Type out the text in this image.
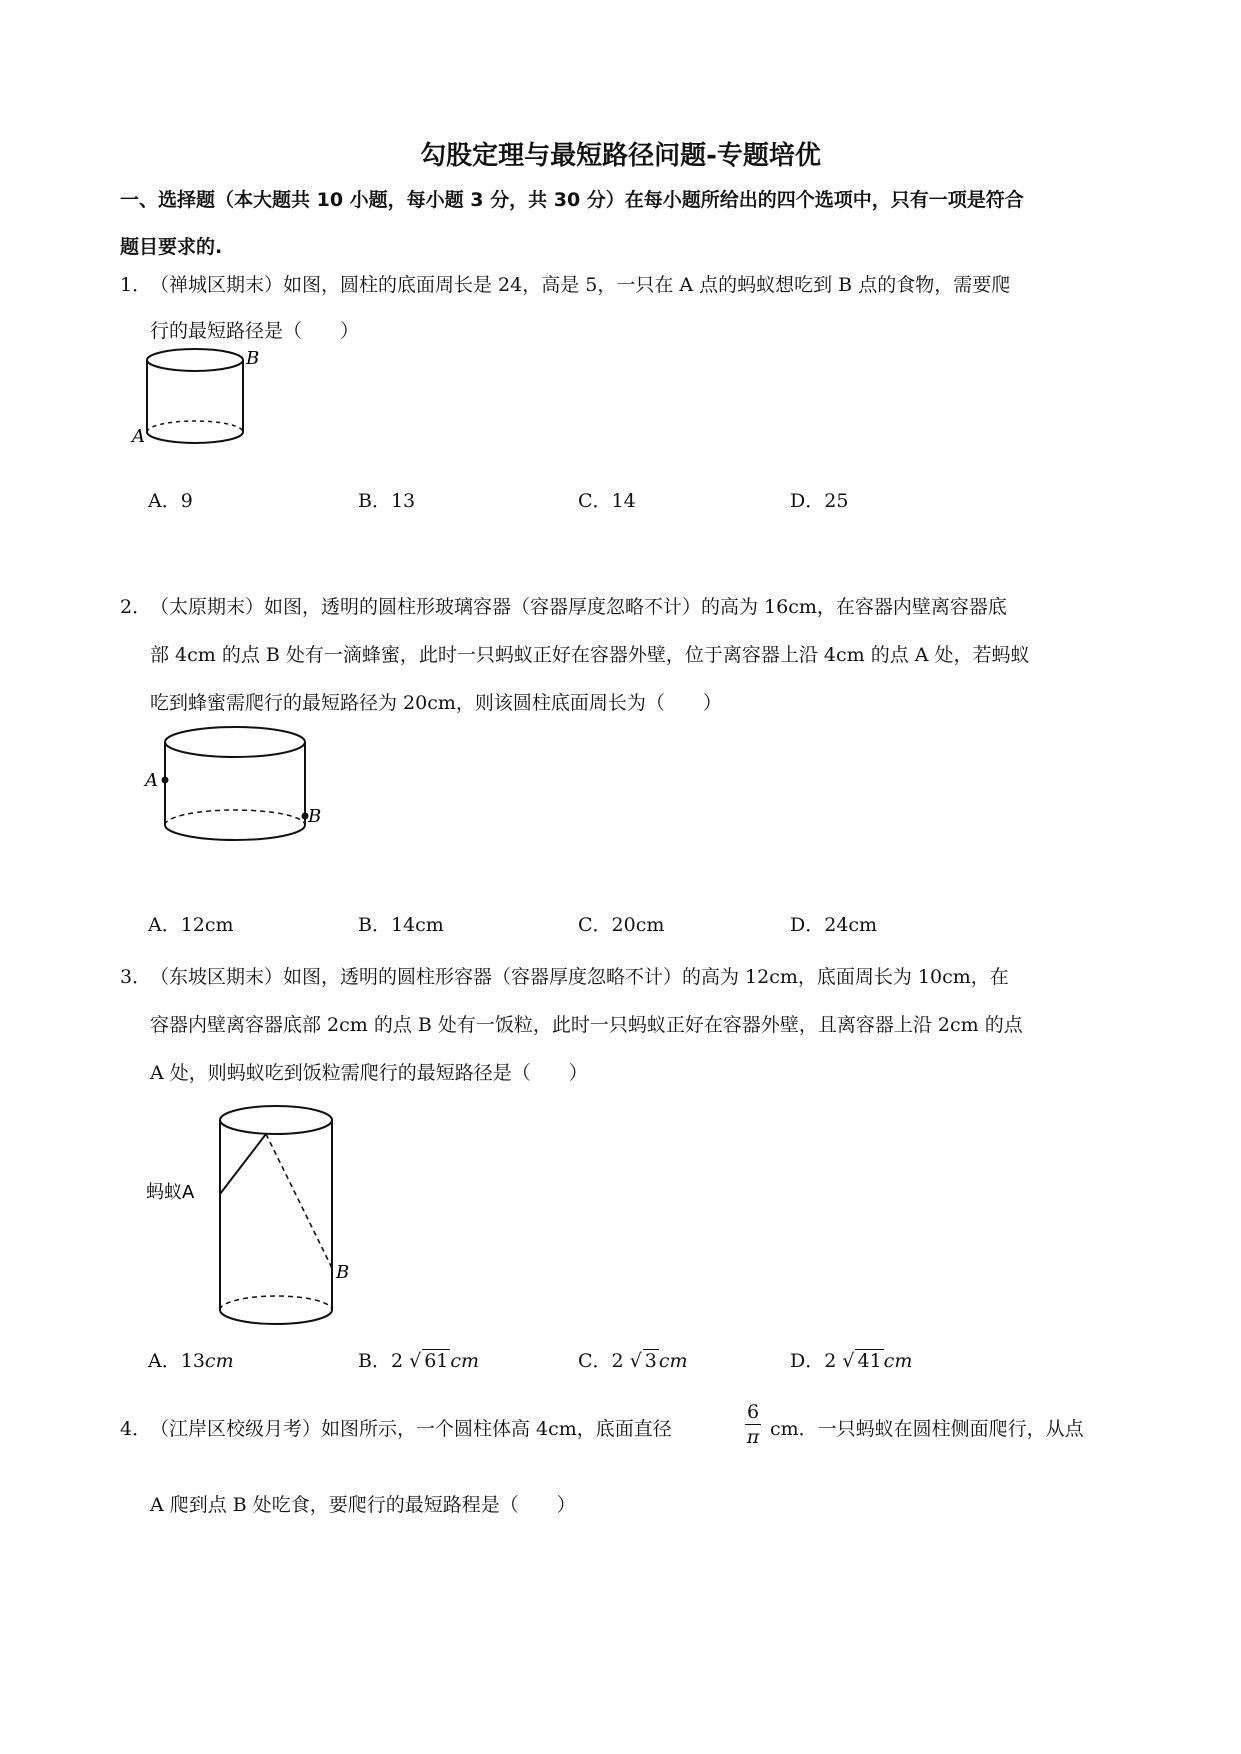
勾股定理与最短路径问题-专题培优
一、选择题（本大题共 10 小题，每小题 3 分，共 30 分）在每小题所给出的四个选项中，只有一项是符合
题目要求的.
1．
（禅城区期末）如图，圆柱的底面周长是 24，高是 5，一只在 A 点的蚂蚁想吃到 B 点的食物，需要爬
行的最短路径是（　　）
B
A
A．9	B．13	C．14	D．25
2．
（太原期末）如图，透明的圆柱形玻璃容器（容器厚度忽略不计）的高为 16cm，在容器内壁离容器底
部 4cm 的点 B 处有一滴蜂蜜，此时一只蚂蚁正好在容器外壁，位于离容器上沿 4cm 的点 A 处，若蚂蚁
吃到蜂蜜需爬行的最短路径为 20cm，则该圆柱底面周长为（　　）
A
B
A．12cm	B．14cm	C．20cm	D．24cm
3．
（东坡区期末）如图，透明的圆柱形容器（容器厚度忽略不计）的高为 12cm，底面周长为 10cm，在
容器内壁离容器底部 2cm 的点 B 处有一饭粒，此时一只蚂蚁正好在容器外壁，且离容器上沿 2cm 的点
A 处，则蚂蚁吃到饭粒需爬行的最短路径是（　　）
蚂蚁A
B
A．13cm	B．2 √ 61 cm	C．2 √ 3 cm	D．2 √ 41 cm
4．
（江岸区校级月考）如图所示，一个圆柱体高 4cm，底面直径	$\frac{6}{\pi}$ cm．一只蚂蚁在圆柱侧面爬行，从点
A 爬到点 B 处吃食，要爬行的最短路程是（　　）
